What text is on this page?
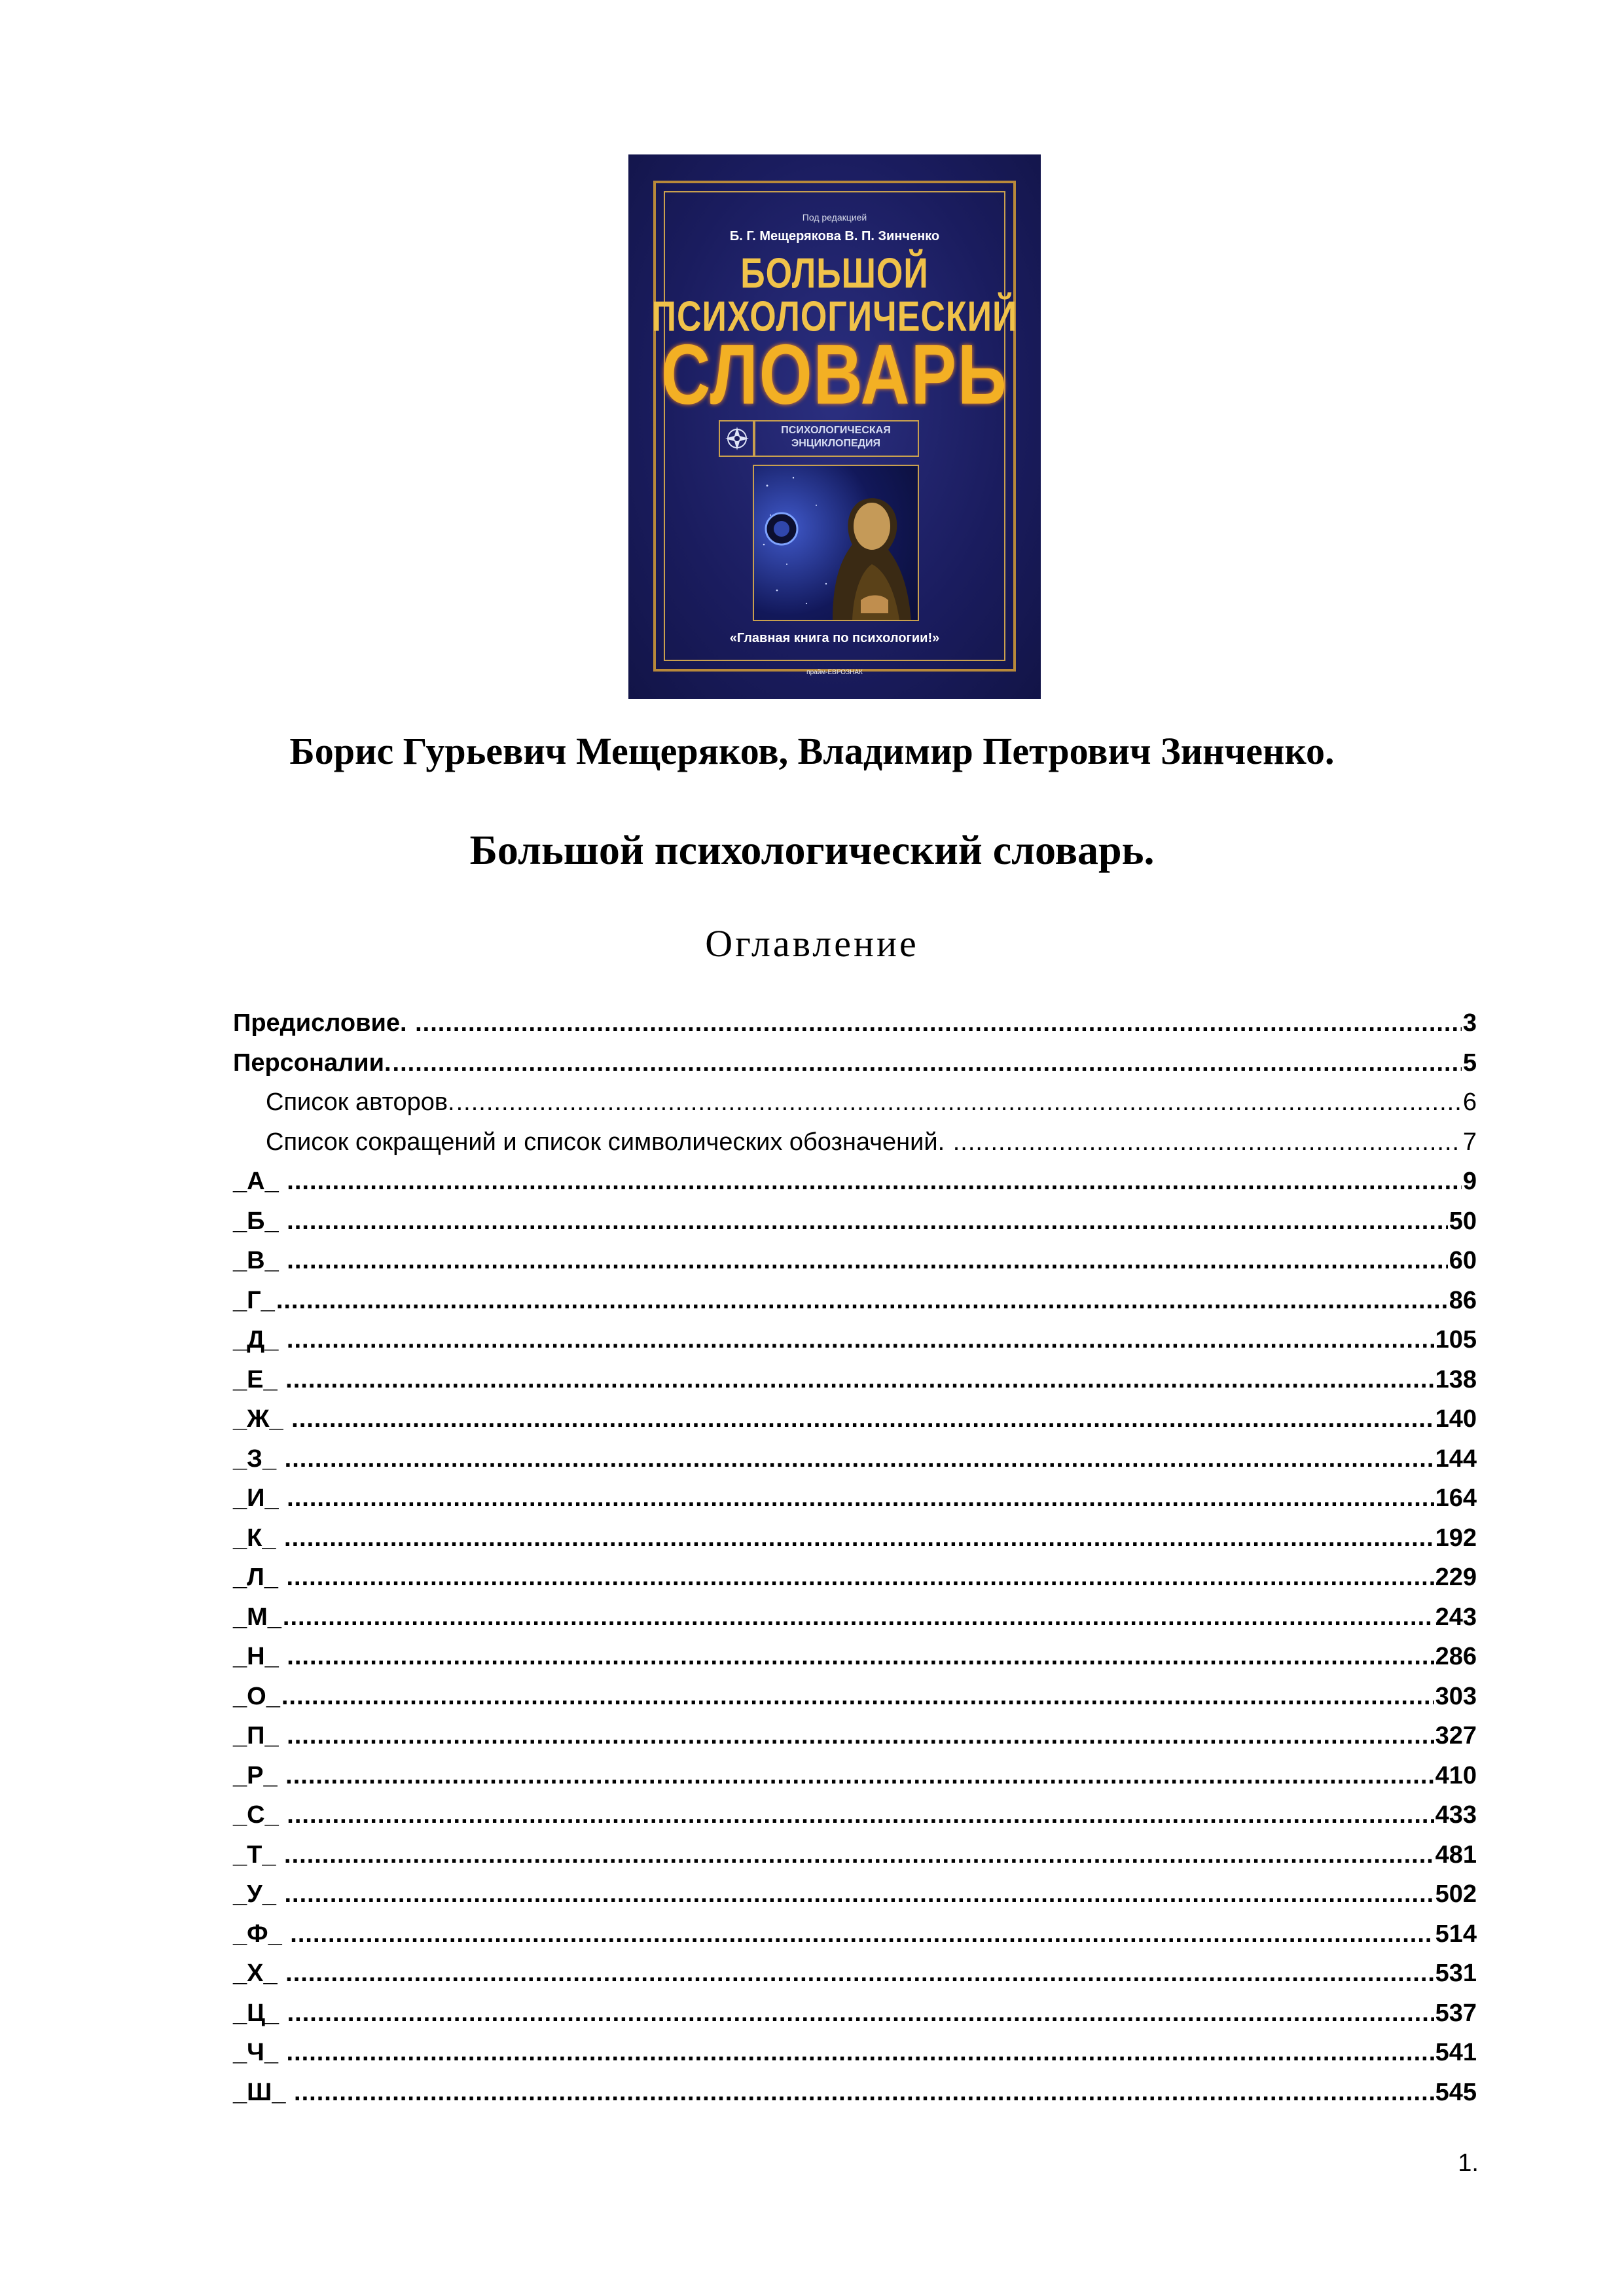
Под редакцией
Б. Г. Мещерякова В. П. Зинченко
БОЛЬШОЙ
ПСИХОЛОГИЧЕСКИЙ
СЛОВАРЬ
ПСИХОЛОГИЧЕСКАЯ
ЭНЦИКЛОПЕДИЯ
«Главная книга по психологии!»
прайм-ЕВРОЗНАК
Борис Гурьевич Мещеряков, Владимир Петрович Зинченко.
Большой психологический словарь.
Оглавление
Предисловие. .....	3
Персоналии. .....	5
Список авторов. .....	6
Список сокращений и список символических обозначений. .....	7
_А_ .....	9
_Б_ .....	50
_В_ .....	60
_Г_ .....	86
_Д_ .....	105
_Е_ .....	138
_Ж_ .....	140
_З_ .....	144
_И_ .....	164
_К_ .....	192
_Л_ .....	229
_М_ .....	243
_Н_ .....	286
_О_ .....	303
_П_ .....	327
_Р_ .....	410
_С_ .....	433
_Т_ .....	481
_У_ .....	502
_Ф_ .....	514
_Х_ .....	531
_Ц_ .....	537
_Ч_ .....	541
_Ш_ .....	545
1.
